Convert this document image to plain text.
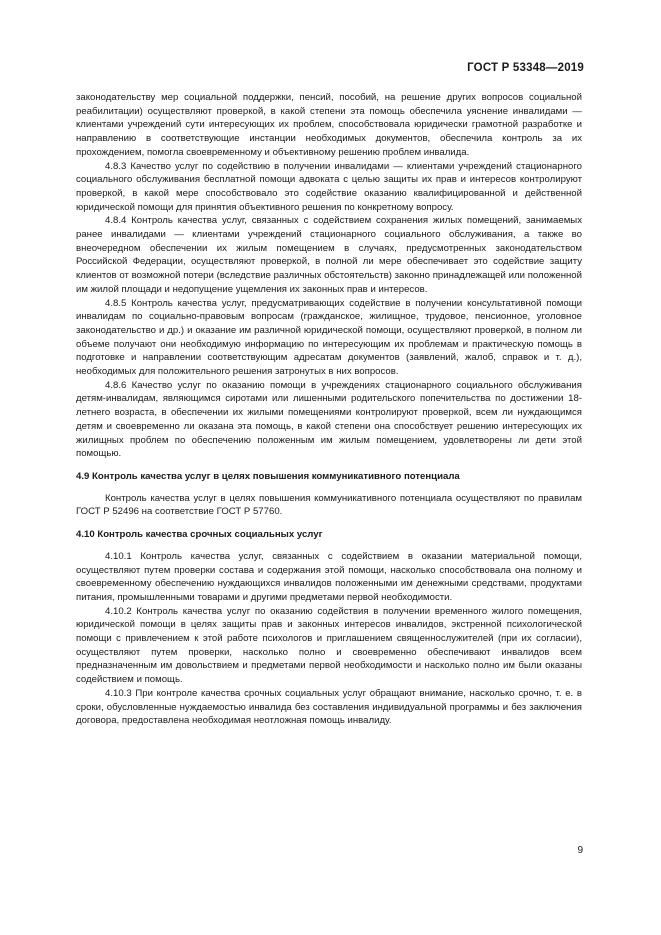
ГОСТ Р 53348—2019

законодательству мер социальной поддержки, пенсий, пособий, на решение других вопросов социальной реабилитации) осуществляют проверкой, в какой степени эта помощь обеспечила уяснение инвалидами — клиентами учреждений сути интересующих их проблем, способствовала юридически грамотной разработке и направлению в соответствующие инстанции необходимых документов, обеспечила контроль за их прохождением, помогла своевременному и объективному решению проблем инвалида.

4.8.3 Качество услуг по содействию в получении инвалидами — клиентами учреждений стационарного социального обслуживания бесплатной помощи адвоката с целью защиты их прав и интересов контролируют проверкой, в какой мере способствовало это содействие оказанию квалифицированной и действенной юридической помощи для принятия объективного решения по конкретному вопросу.

4.8.4 Контроль качества услуг, связанных с содействием сохранения жилых помещений, занимаемых ранее инвалидами — клиентами учреждений стационарного социального обслуживания, а также во внеочередном обеспечении их жилым помещением в случаях, предусмотренных законодательством Российской Федерации, осуществляют проверкой, в полной ли мере обеспечивает это содействие защиту клиентов от возможной потери (вследствие различных обстоятельств) законно принадлежащей или положенной им жилой площади и недопущение ущемления их законных прав и интересов.

4.8.5 Контроль качества услуг, предусматривающих содействие в получении консультативной помощи инвалидам по социально-правовым вопросам (гражданское, жилищное, трудовое, пенсионное, уголовное законодательство и др.) и оказание им различной юридической помощи, осуществляют проверкой, в полном ли объеме получают они необходимую информацию по интересующим их проблемам и практическую помощь в подготовке и направлении соответствующим адресатам документов (заявлений, жалоб, справок и т. д.), необходимых для положительного решения затронутых в них вопросов.

4.8.6 Качество услуг по оказанию помощи в учреждениях стационарного социального обслуживания детям-инвалидам, являющимся сиротами или лишенными родительского попечительства по достижении 18-летнего возраста, в обеспечении их жилыми помещениями контролируют проверкой, всем ли нуждающимся детям и своевременно ли оказана эта помощь, в какой степени она способствует решению интересующих их жилищных проблем по обеспечению положенным им жилым помещением, удовлетворены ли дети этой помощью.

4.9 Контроль качества услуг в целях повышения коммуникативного потенциала

Контроль качества услуг в целях повышения коммуникативного потенциала осуществляют по правилам ГОСТ Р 52496 на соответствие ГОСТ Р 57760.

4.10 Контроль качества срочных социальных услуг

4.10.1 Контроль качества услуг, связанных с содействием в оказании материальной помощи, осуществляют путем проверки состава и содержания этой помощи, насколько способствовала она полному и своевременному обеспечению нуждающихся инвалидов положенными им денежными средствами, продуктами питания, промышленными товарами и другими предметами первой необходимости.

4.10.2 Контроль качества услуг по оказанию содействия в получении временного жилого помещения, юридической помощи в целях защиты прав и законных интересов инвалидов, экстренной психологической помощи с привлечением к этой работе психологов и приглашением священнослужителей (при их согласии), осуществляют путем проверки, насколько полно и своевременно обеспечивают инвалидов всем предназначенным им довольствием и предметами первой необходимости и насколько полно им были оказаны содействием и помощь.

4.10.3 При контроле качества срочных социальных услуг обращают внимание, насколько срочно, т. е. в сроки, обусловленные нуждаемостью инвалида без составления индивидуальной программы и без заключения договора, предоставлена необходимая неотложная помощь инвалиду.

9
